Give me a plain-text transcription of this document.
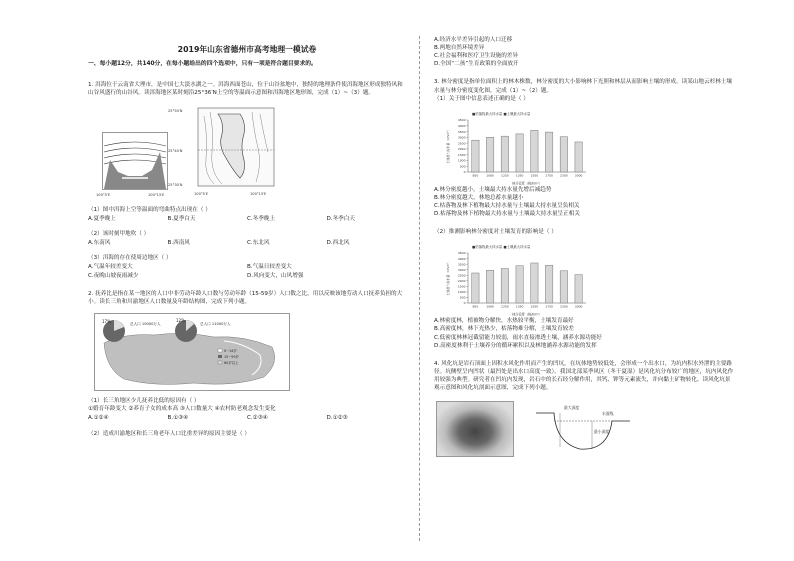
2019年山东省德州市高考地理一模试卷
一、每小题12分，共140分，在每小题给出的四个选项中，只有一项是符合题目要求的。

1. 洱海位于云南省大理市，是中国七大淡水湖之一。洱海西面苍山，位于山谷盆地中，独特的地理条件使洱海地区形成独特风和山谷风盛行的山谷风。读洱海地区某时刻沿25°36′N上空的等温面示意图和洱海地区地形图，完成（1）~（3）题。

100°5′E	100°15′E
25°50′N
25°40′N
25°30′N
100°5′E	100°15′E

（1）图中洱海上空等温面的弯曲特点出现在（ ）

A.夏季晚上	B.夏季白天	C.冬季晚上	D.冬季白天

（2）该时刻甲地吹（ ）

A.东南风	B.西南风	C.东北风	D.西北风

（3）洱海的存在使周边地区（ ）

A.气温年较差变大	B.气温日较差变大
C.夜晚山坡夜雨减少	D.风向变大，山风增强

2. 抚养比是指在某一地区的人口中非劳动年龄人口数与劳动年龄（15-59岁）人口数之比，用以反映该地劳动人口抚养负担的大小。读长三角和川渝地区人口数量及年龄结构图，完成下列小题。

17%	总人口 10000万人
12%
总人口 11000万人
0~14岁
15~59岁
60岁以上

（1）长三角地区少儿抚养比低的原因有（ ）

①婚育年龄变大 ②养育子女的成本高 ③人口数量大 ④农村防老观念发生变化

A.①②④	B.①③④	C.②③④	D.①②③

（2）造成川渝地区和长三角老年人口比重差异的原因主要是（ ）

A.经济水平差异引起的人口迁移

B.两地自然环境差异

C.社会福利和医疗卫生设施的差异

D.全国“二孩”生育政策的全面放开

3. 林分密度是指单位面积上的林木株数，林分密度的大小影响林下光照和林层从而影响土壤的形成。读某山地云杉林土壤水量与林分密度变化图，完成（1）~（2）题。

（1）关于图中信息表述正确的是（ ）

■枯落物最大持水量 ■土壤最大持水量
0
500
1000
1500
2000
2500
3000
3500
4000
4500
土壤最大持水量（t/hm²）
850	1060 1250 1350 1550 1750 2300 3000
林分密度（株/hm²）

A.林分密度越小，土壤最大持水量先增后减趋势

B.林分密度越大，林地总蓄水量越小

C.枯落物及林下植物最大持水量与土壤最大持水量呈负相关

D.枯落物及林下植物最大持水量与土壤最大持水量呈正相关

（2）推测影响林分密度对土壤发育的影响是（ ）

■枯落物最大持水量 ■土壤最大持水量
0
500
1000
1500
2000
2500
3000
3500
4000
4500
土壤最大持水量（t/hm²）
850	1060 1250 1350 1550 1750 2300 3000
林分密度（株/hm²）

A.林密度林，植被物分解快，水热较平衡，土壤发育最好

B.高密度林，林下光热少，枯落物难分解，土壤发育较差

C.低密度林林冠截留能力较弱，雨水直接渗透土壤，涵养水源功能好

D.高密度林利于土壤养分的循环累积以及林地涵养水源功能的发挥

4. 风化坑是岩石顶面上因积水风化作用而产生的凹坑，在坑体地势较低处，会形成一个出水口，为坑内积水外泄的主要路径。坑侧壁呈内凹状（最凹处是出水口高度一致）。我国北部某季风区（冬干夏湿）是风化坑分布较广的地区，坑内风化作用较强为典型。研究者在凹坑内发现，岩石中的长石经分解作用，其钙、钾等元素流失，并向黏土矿物转化。读风化坑景观示意图和风化坑剖面示意图，完成下列小题。

最大深度
水面线
最小深度
